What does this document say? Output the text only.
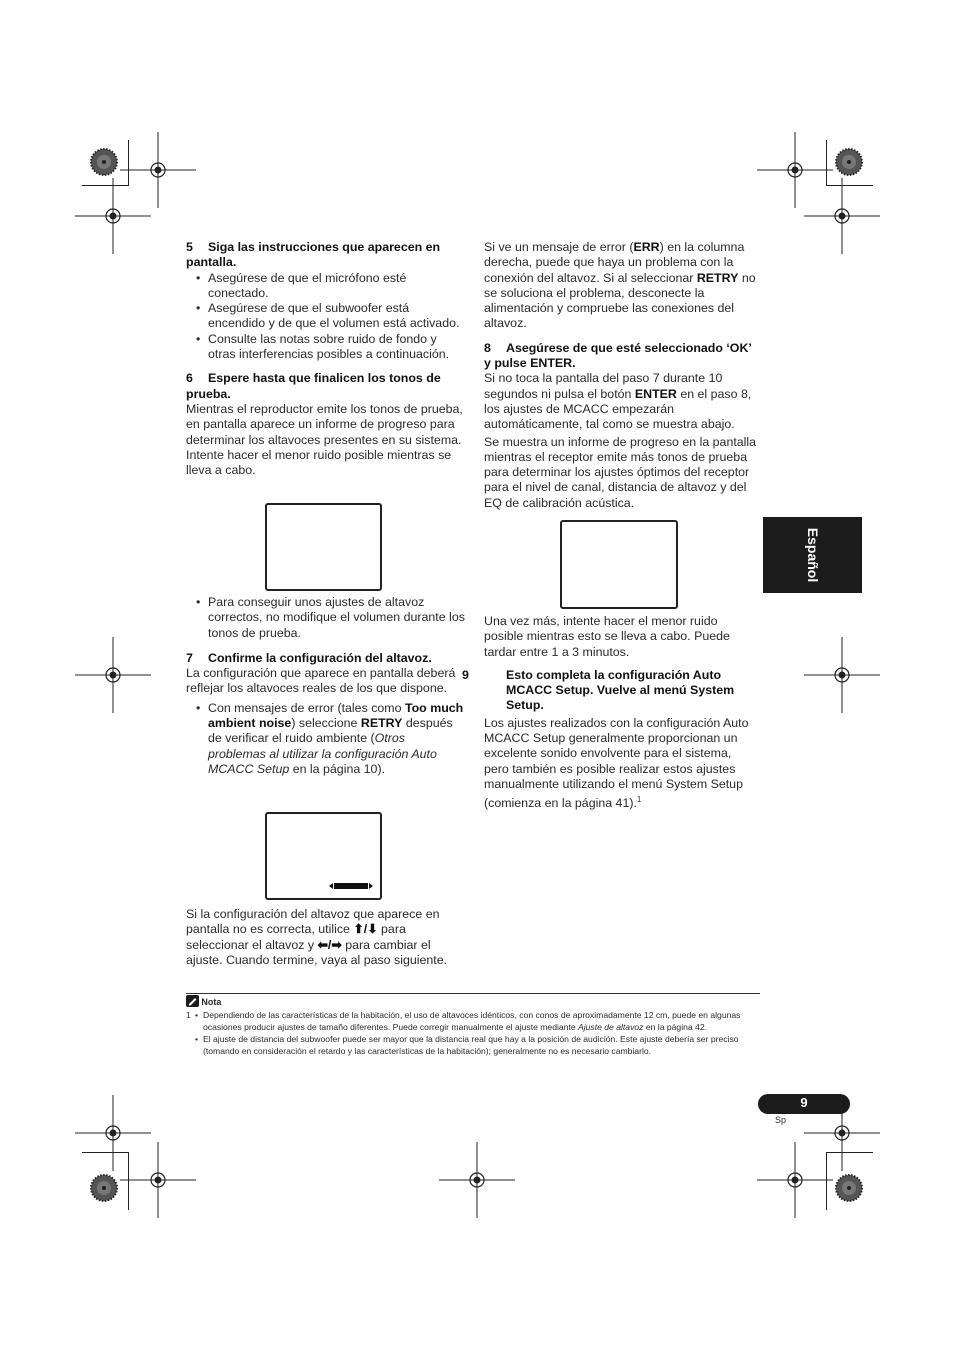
5 Siga las instrucciones que aparecen en pantalla.

• Asegúrese de que el micrófono esté conectado.

• Asegúrese de que el subwoofer está encendido y de que el volumen está activado.

• Consulte las notas sobre ruido de fondo y otras interferencias posibles a continuación.

6 Espere hasta que finalicen los tonos de prueba.

Mientras el reproductor emite los tonos de prueba, en pantalla aparece un informe de progreso para determinar los altavoces presentes en su sistema. Intente hacer el menor ruido posible mientras se lleva a cabo.

• Para conseguir unos ajustes de altavoz correctos, no modifique el volumen durante los tonos de prueba.

7 Confirme la configuración del altavoz.

La configuración que aparece en pantalla deberá reflejar los altavoces reales de los que dispone.

• Con mensajes de error (tales como Too much ambient noise) seleccione RETRY después de verificar el ruido ambiente (Otros problemas al utilizar la configuración Auto MCACC Setup en la página 10).

Si la configuración del altavoz que aparece en pantalla no es correcta, utilice ⬆/⬇ para seleccionar el altavoz y ⬅/➡ para cambiar el ajuste. Cuando termine, vaya al paso siguiente.

Si ve un mensaje de error (ERR) en la columna derecha, puede que haya un problema con la conexión del altavoz. Si al seleccionar RETRY no se soluciona el problema, desconecte la alimentación y compruebe las conexiones del altavoz.

8 Asegúrese de que esté seleccionado ‘OK’ y pulse ENTER.

Si no toca la pantalla del paso 7 durante 10 segundos ni pulsa el botón ENTER en el paso 8, los ajustes de MCACC empezarán automáticamente, tal como se muestra abajo.

Se muestra un informe de progreso en la pantalla mientras el receptor emite más tonos de prueba para determinar los ajustes óptimos del receptor para el nivel de canal, distancia de altavoz y del EQ de calibración acústica.

Una vez más, intente hacer el menor ruido posible mientras esto se lleva a cabo. Puede tardar entre 1 a 3 minutos.

9	Esto completa la configuración Auto MCACC Setup. Vuelve al menú System Setup.

Los ajustes realizados con la configuración Auto MCACC Setup generalmente proporcionan un excelente sonido envolvente para el sistema, pero también es posible realizar estos ajustes manualmente utilizando el menú System Setup (comienza en la página 41).$^1$

Español
Nota
1
•	Dependiendo de las características de la habitación, el uso de altavoces idénticos, con conos de aproximadamente 12 cm, puede en algunas ocasiones producir ajustes de tamaño diferentes. Puede corregir manualmente el ajuste mediante Ajuste de altavoz en la página 42.
• El ajuste de distancia del subwoofer puede ser mayor que la distancia real que hay a la posición de audición. Este ajuste debería ser preciso (tomando en consideración el retardo y las características de la habitación); generalmente no es necesario cambiarlo.
9
Sp
